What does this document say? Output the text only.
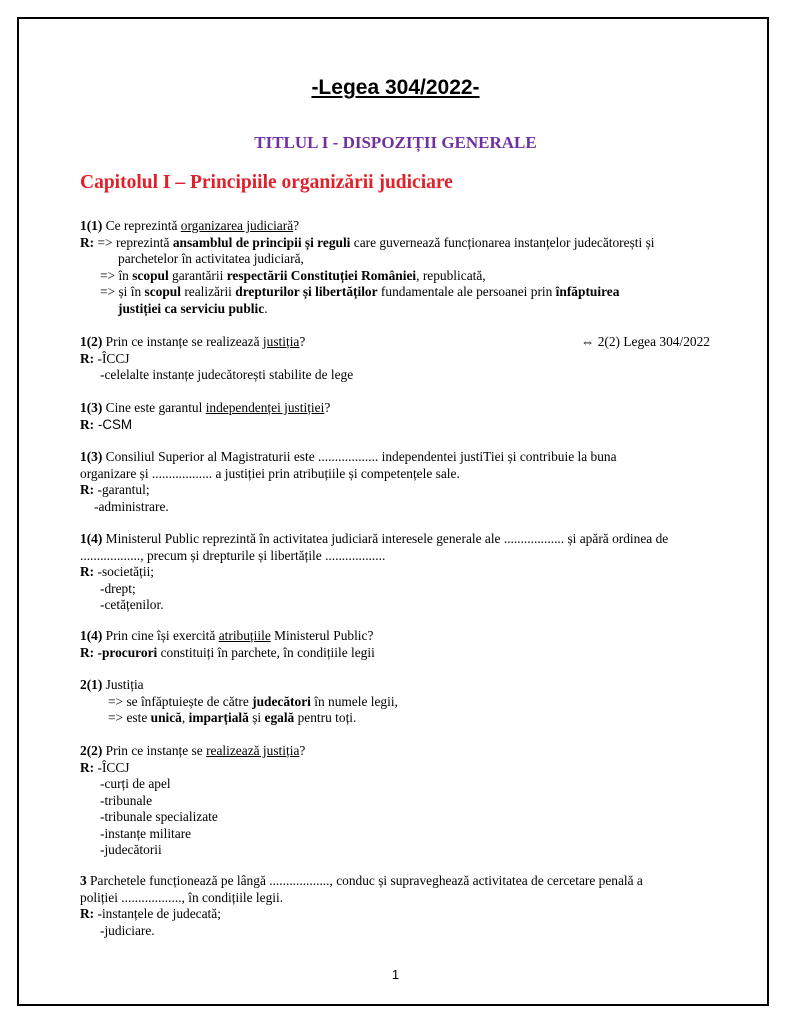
-Legea 304/2022-
TITLUL I - DISPOZIȚII GENERALE
Capitolul I – Principiile organizării judiciare
1(1) Ce reprezintă organizarea judiciară?
R: => reprezintă ansamblul de principii și reguli care guvernează funcționarea instanțelor judecătorești și
parchetelor în activitatea judiciară,
=> în scopul garantării respectării Constituției României, republicată,
=> și în scopul realizării drepturilor și libertăților fundamentale ale persoanei prin înfăptuirea
justiției ca serviciu public.
1(2) Prin ce instanțe se realizează justiția?	⇔ 2(2) Legea 304/2022
R: -ÎCCJ
-celelalte instanțe judecătorești stabilite de lege
1(3) Cine este garantul independenței justiției?
R: -CSM
1(3) Consiliul Superior al Magistraturii este .................. independentei justiTiei și contribuie la buna
organizare și .................. a justiției prin atribuțiile și competențele sale.
R: -garantul;
-administrare.
1(4) Ministerul Public reprezintă în activitatea judiciară interesele generale ale .................. și apără ordinea de
.................., precum și drepturile și libertățile ..................
R: -societății;
-drept;
-cetățenilor.
1(4) Prin cine își exercită atribuțiile Ministerul Public?
R: -procurori constituiți în parchete, în condițiile legii
2(1) Justiția
=> se înfăptuiește de către judecători în numele legii,
=> este unică, imparțială și egală pentru toți.
2(2) Prin ce instanțe se realizează justiția?
R: -ÎCCJ
-curți de apel
-tribunale
-tribunale specializate
-instanțe militare
-judecătorii
3 Parchetele funcționează pe lângă .................., conduc și supraveghează activitatea de cercetare penală a
poliției .................., în condițiile legii.
R: -instanțele de judecată;
-judiciare.
1
